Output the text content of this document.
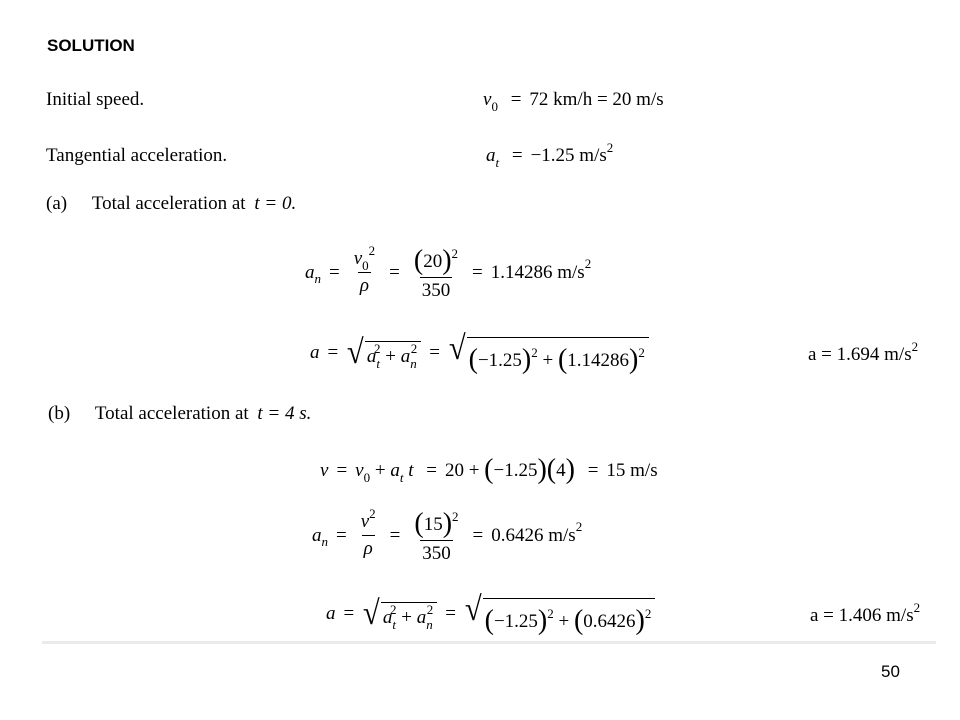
SOLUTION
Initial speed.	$v_0 = 72$ km/h = 20 m/s
Tangential acceleration.	$a_t = -1.25$ $m/s^2$
(a) Total acceleration at t = 0.
a $n = \frac{v_0^2}{\rho} = \frac{(20)^2}{350} = 1.14286$ m/s 2
a = √ $a_t^2 + a_n^2$ = √ $(-1.25)^2 + (1.14286)^2$	a = 1.694 $m/s^2$
(b) Total acceleration at t = 4 s.
$v = v_0 + a_t$ t = 20 + (−1.25)(4) = 15 m/s
a $n = \frac{v^2}{\rho} = \frac{(15)^2}{350} = 0.6426$ m/s 2
a = √ $a_t^2 + a_n^2$ = √ $(-1.25)^2 + (0.6426)^2$	a = 1.406 $m/s^2$
50
